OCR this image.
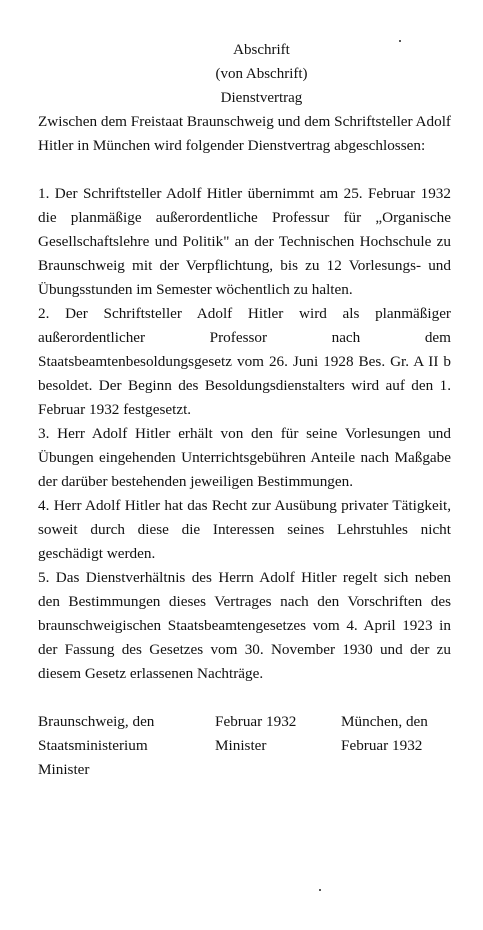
Abschrift
(von Abschrift)
Dienstvertrag

Zwischen dem Freistaat Braunschweig und dem Schriftsteller Adolf Hitler in München wird folgender Dienstvertrag abgeschlossen:

1. Der Schriftsteller Adolf Hitler übernimmt am 25. Februar 1932 die planmäßige außerordentliche Professur für „Organische Gesellschaftslehre und Politik" an der Technischen Hochschule zu Braunschweig mit der Verpflichtung, bis zu 12 Vorlesungs- und Übungsstunden im Semester wöchentlich zu halten.

2. Der Schriftsteller Adolf Hitler wird als planmäßiger außerordentlicher Professor nach dem Staatsbeamtenbesoldungsgesetz vom 26. Juni 1928 Bes. Gr. A II b besoldet. Der Beginn des Besoldungsdienstalters wird auf den 1. Februar 1932 festgesetzt.

3. Herr Adolf Hitler erhält von den für seine Vorlesungen und Übungen eingehenden Unterrichtsgebühren Anteile nach Maßgabe der darüber bestehenden jeweiligen Bestimmungen.

4. Herr Adolf Hitler hat das Recht zur Ausübung privater Tätigkeit, soweit durch diese die Interessen seines Lehrstuhles nicht geschädigt werden.

5. Das Dienstverhältnis des Herrn Adolf Hitler regelt sich neben den Bestimmungen dieses Vertrages nach den Vorschriften des braunschweigischen Staatsbeamtengesetzes vom 4. April 1923 in der Fassung des Gesetzes vom 30. November 1930 und der zu diesem Gesetz erlassenen Nachträge.

Braunschweig, den
Staatsministerium
Minister
Februar 1932
Minister
München, den
Februar 1932
